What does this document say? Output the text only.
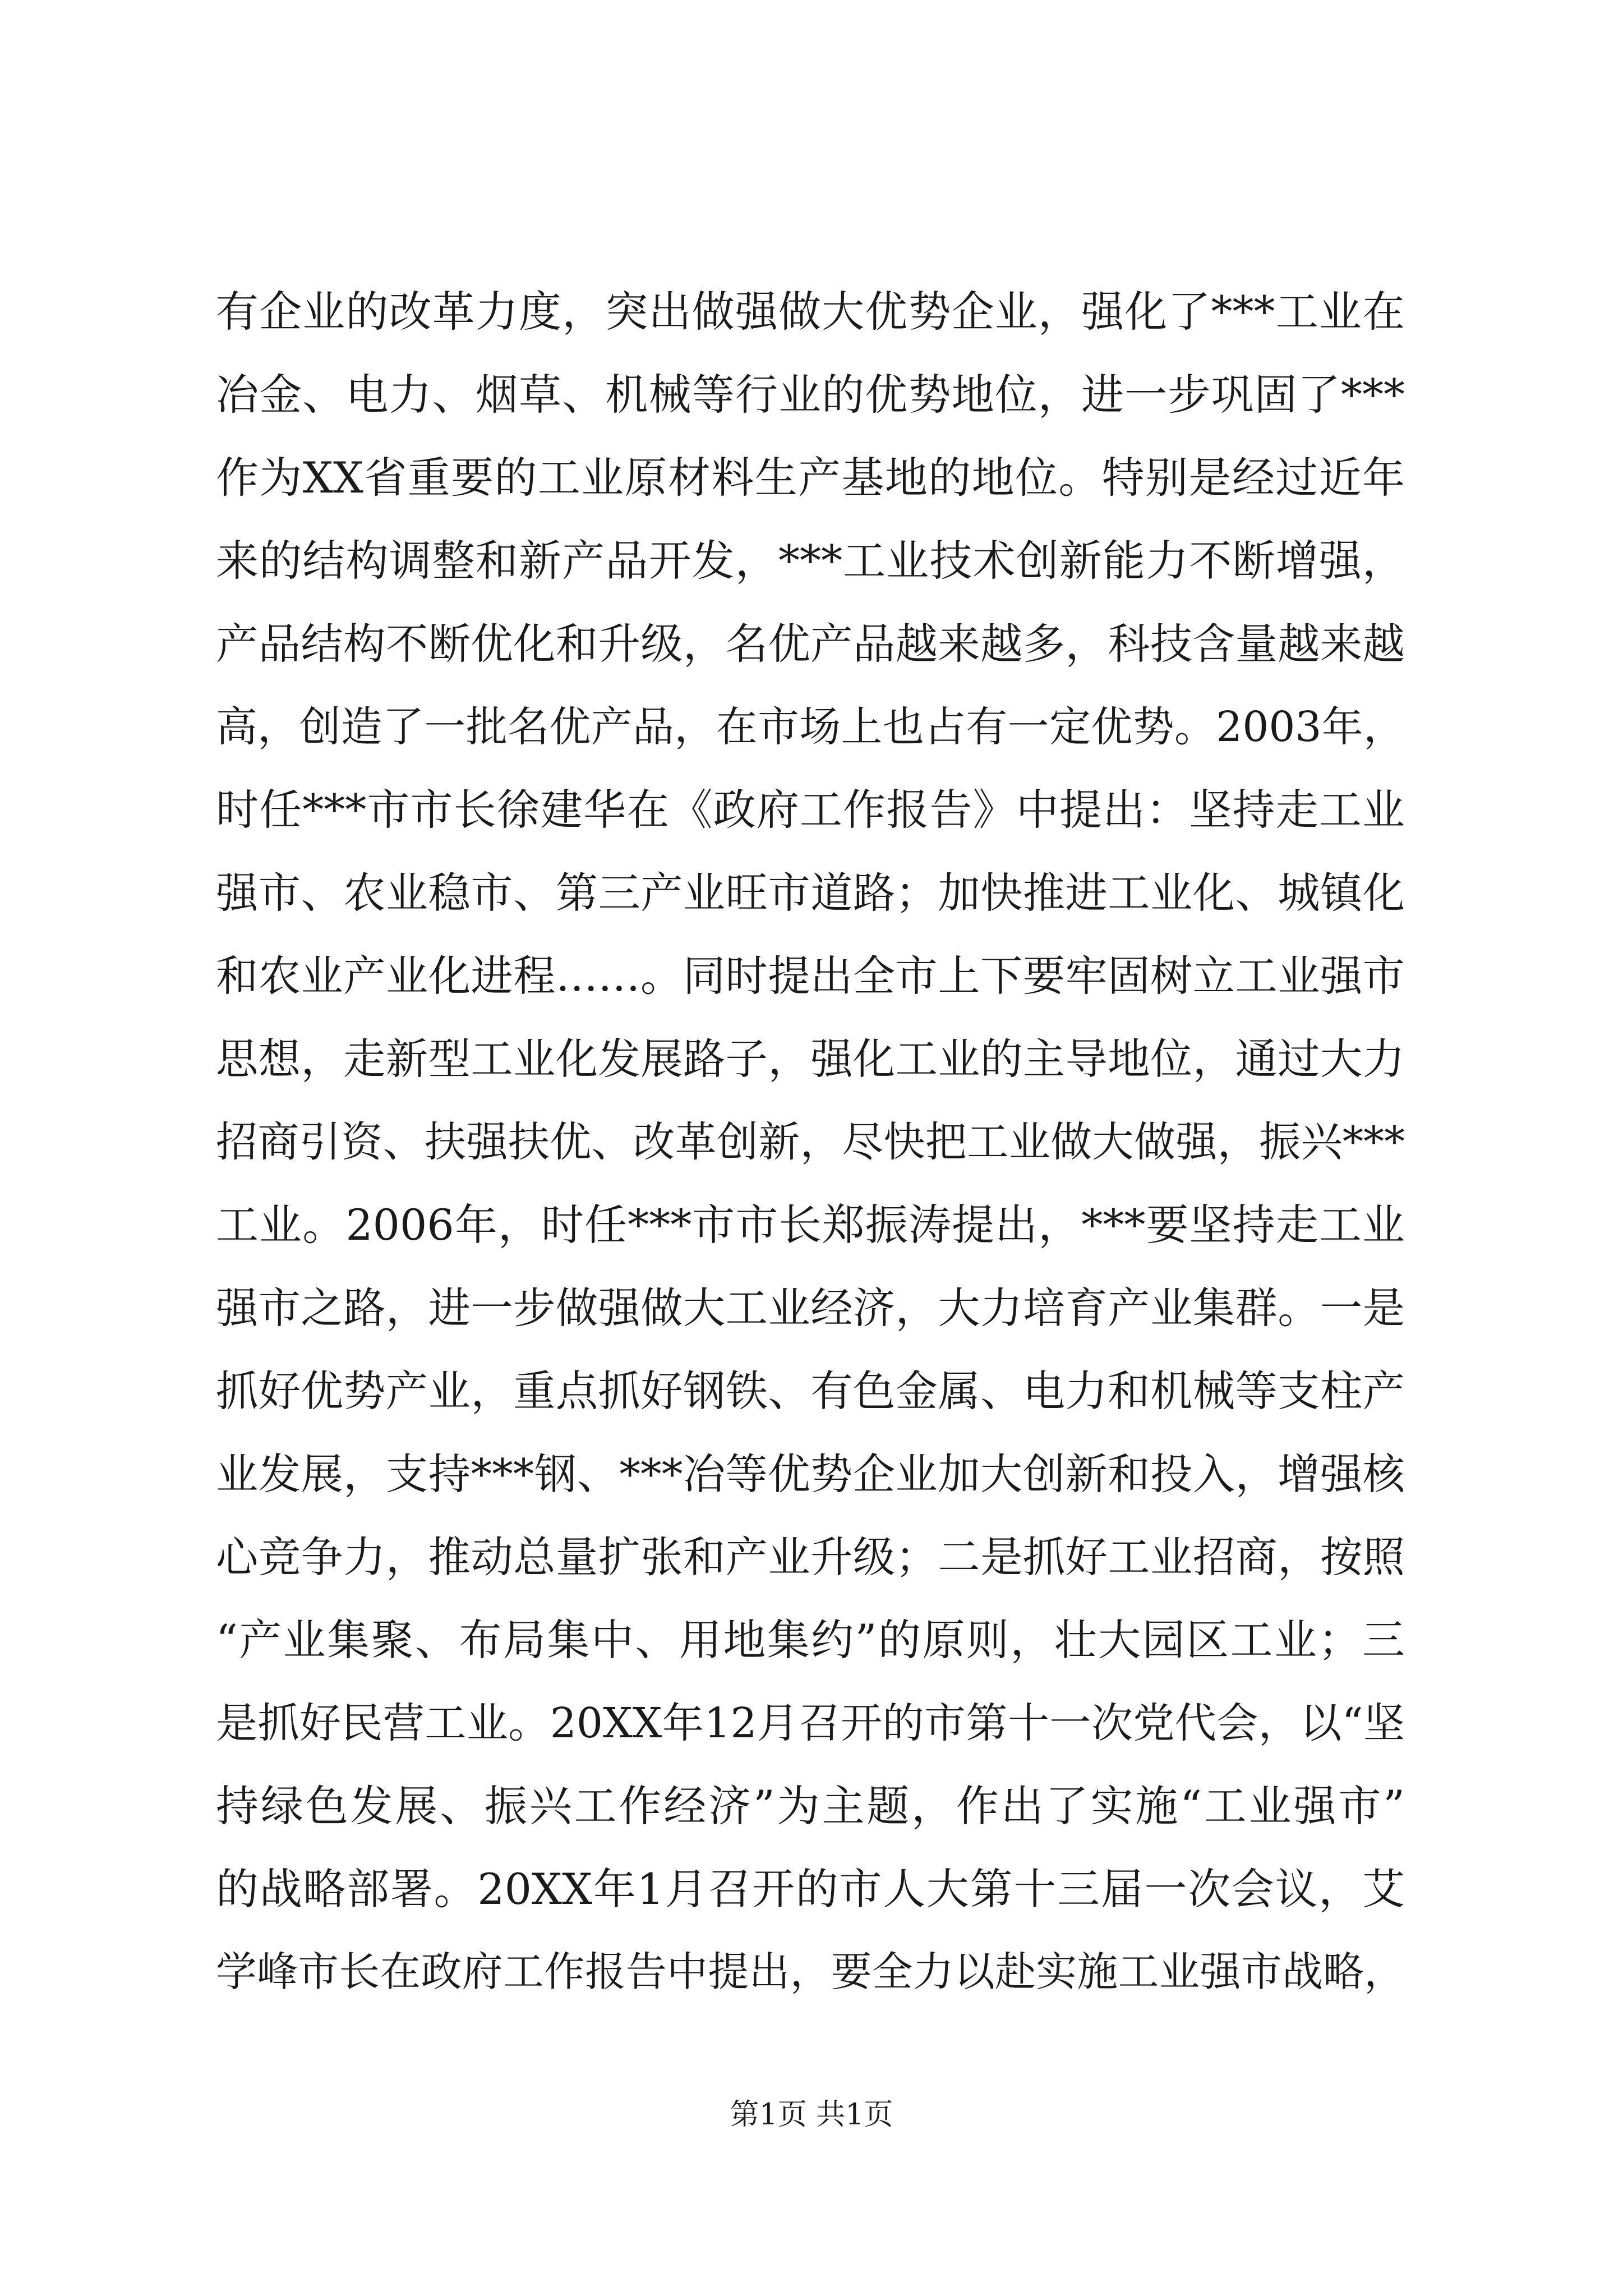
有企业的改革力度，突出做强做大优势企业，强化了***工业在
冶金、电力、烟草、机械等行业的优势地位，进一步巩固了***
作为XX省重要的工业原材料生产基地的地位。特别是经过近年
来的结构调整和新产品开发，***工业技术创新能力不断增强，
产品结构不断优化和升级，名优产品越来越多，科技含量越来越
高，创造了一批名优产品，在市场上也占有一定优势。2003年，
时任***市市长徐建华在《政府工作报告》中提出：坚持走工业
强市、农业稳市、第三产业旺市道路；加快推进工业化、城镇化
和农业产业化进程……。同时提出全市上下要牢固树立工业强市
思想，走新型工业化发展路子，强化工业的主导地位，通过大力
招商引资、扶强扶优、改革创新，尽快把工业做大做强，振兴***
工业。2006年，时任***市市长郑振涛提出，***要坚持走工业
强市之路，进一步做强做大工业经济，大力培育产业集群。一是
抓好优势产业，重点抓好钢铁、有色金属、电力和机械等支柱产
业发展，支持***钢、***冶等优势企业加大创新和投入，增强核
心竞争力，推动总量扩张和产业升级；二是抓好工业招商，按照
“产业集聚、布局集中、用地集约”的原则，壮大园区工业；三
是抓好民营工业。20XX年12月召开的市第十一次党代会，以“坚
持绿色发展、振兴工作经济”为主题，作出了实施“工业强市”
的战略部署。20XX年1月召开的市人大第十三届一次会议，艾
学峰市长在政府工作报告中提出，要全力以赴实施工业强市战略，
第1页 共1页
